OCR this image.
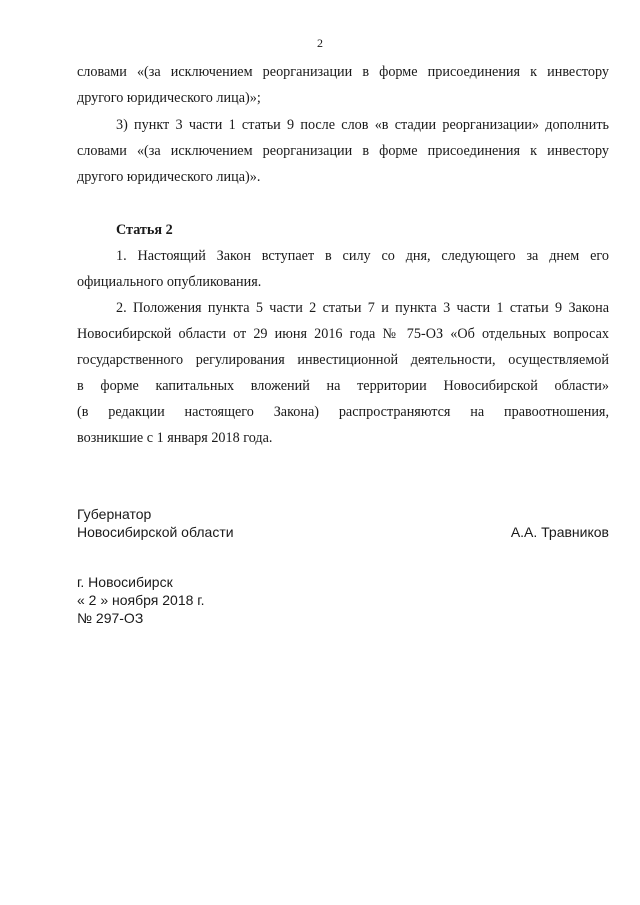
2
словами «(за исключением реорганизации в форме присоединения к инвестору
другого юридического лица)»;
3) пункт 3 части 1 статьи 9 после слов «в стадии реорганизации» дополнить
словами «(за исключением реорганизации в форме присоединения к инвестору
другого юридического лица)».
Статья 2
1. Настоящий Закон вступает в силу со дня, следующего за днем его
официального опубликования.
2. Положения пункта 5 части 2 статьи 7 и пункта 3 части 1 статьи 9 Закона
Новосибирской области от 29 июня 2016 года № 75-ОЗ «Об отдельных вопросах
государственного регулирования инвестиционной деятельности, осуществляемой
в форме капитальных вложений на территории Новосибирской области»
(в редакции настоящего Закона) распространяются на правоотношения,
возникшие с 1 января 2018 года.
Губернатор
Новосибирской области	А.А. Травников
г. Новосибирск
« 2 » ноября 2018 г.
№ 297-ОЗ
